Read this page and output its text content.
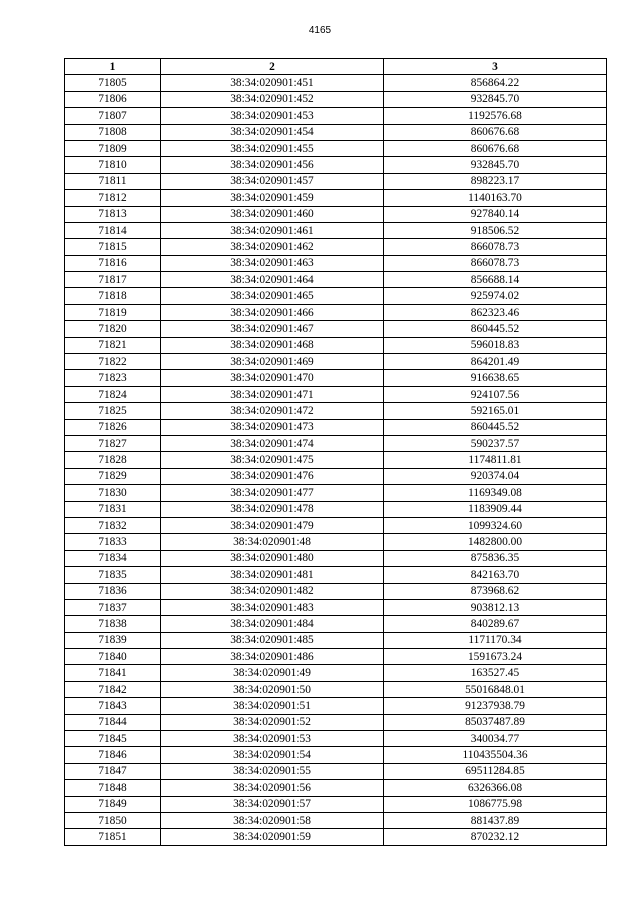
4165
1	2	3
71805	38:34:020901:451	856864.22
71806	38:34:020901:452	932845.70
71807	38:34:020901:453	1192576.68
71808	38:34:020901:454	860676.68
71809	38:34:020901:455	860676.68
71810	38:34:020901:456	932845.70
71811	38:34:020901:457	898223.17
71812	38:34:020901:459	1140163.70
71813	38:34:020901:460	927840.14
71814	38:34:020901:461	918506.52
71815	38:34:020901:462	866078.73
71816	38:34:020901:463	866078.73
71817	38:34:020901:464	856688.14
71818	38:34:020901:465	925974.02
71819	38:34:020901:466	862323.46
71820	38:34:020901:467	860445.52
71821	38:34:020901:468	596018.83
71822	38:34:020901:469	864201.49
71823	38:34:020901:470	916638.65
71824	38:34:020901:471	924107.56
71825	38:34:020901:472	592165.01
71826	38:34:020901:473	860445.52
71827	38:34:020901:474	590237.57
71828	38:34:020901:475	1174811.81
71829	38:34:020901:476	920374.04
71830	38:34:020901:477	1169349.08
71831	38:34:020901:478	1183909.44
71832	38:34:020901:479	1099324.60
71833	38:34:020901:48	1482800.00
71834	38:34:020901:480	875836.35
71835	38:34:020901:481	842163.70
71836	38:34:020901:482	873968.62
71837	38:34:020901:483	903812.13
71838	38:34:020901:484	840289.67
71839	38:34:020901:485	1171170.34
71840	38:34:020901:486	1591673.24
71841	38:34:020901:49	163527.45
71842	38:34:020901:50	55016848.01
71843	38:34:020901:51	91237938.79
71844	38:34:020901:52	85037487.89
71845	38:34:020901:53	340034.77
71846	38:34:020901:54	110435504.36
71847	38:34:020901:55	69511284.85
71848	38:34:020901:56	6326366.08
71849	38:34:020901:57	1086775.98
71850	38:34:020901:58	881437.89
71851	38:34:020901:59	870232.12
